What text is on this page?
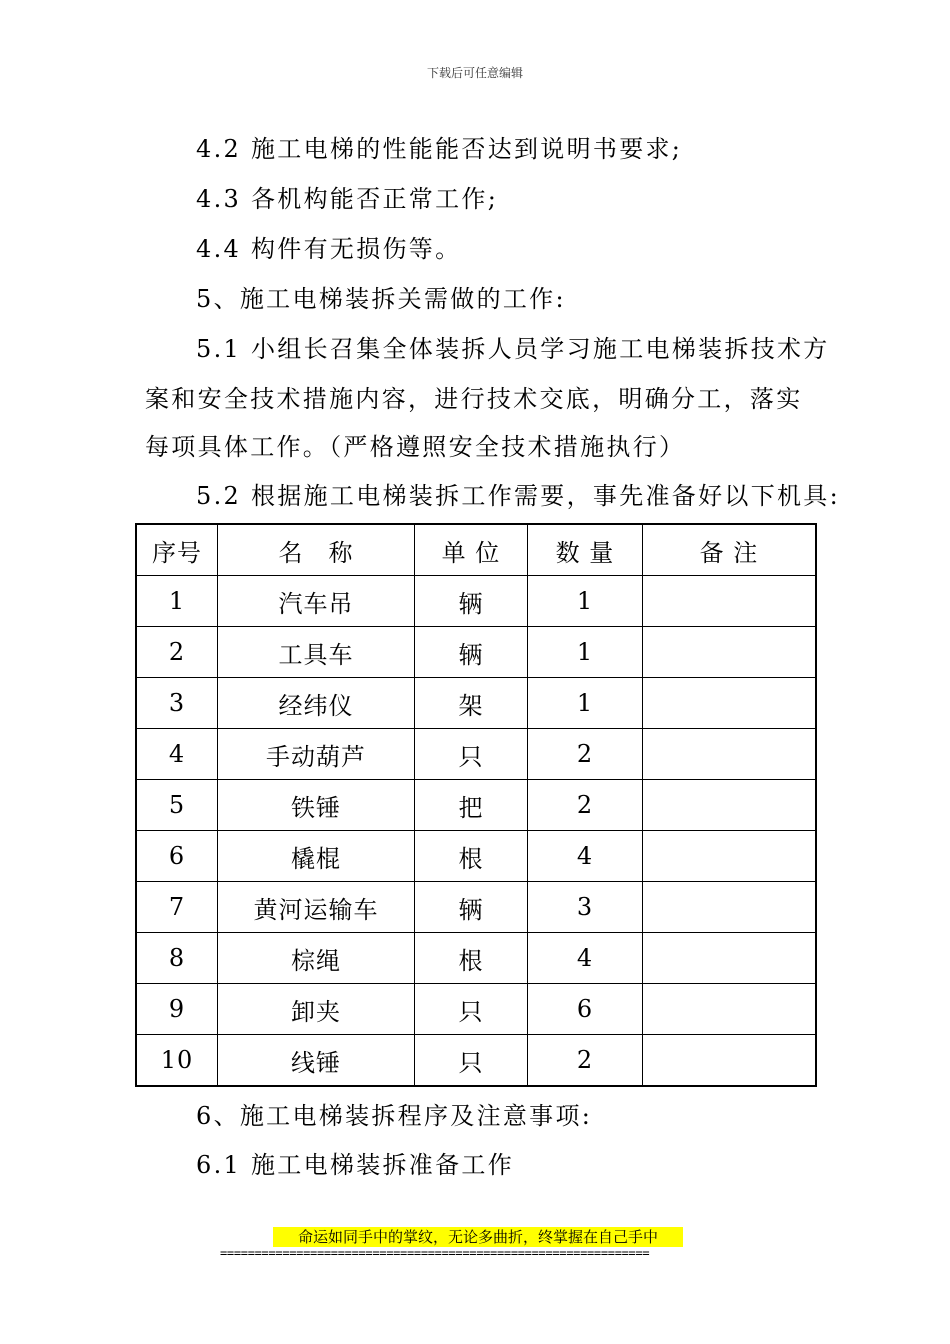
下载后可任意编辑
4.2 施工电梯的性能能否达到说明书要求;
4.3 各机构能否正常工作;
4.4 构件有无损伤等。
5、施工电梯装拆关需做的工作:
5.1 小组长召集全体装拆人员学习施工电梯装拆技术方
案和安全技术措施内容，进行技术交底，明确分工，落实
每项具体工作。（严格遵照安全技术措施执行）
5.2 根据施工电梯装拆工作需要，事先准备好以下机具:
序号	名　称	单 位	数 量	备 注
1	汽车吊	辆	1	
2	工具车	辆	1	
3	经纬仪	架	1	
4	手动葫芦	只	2	
5	铁锤	把	2	
6	橇棍	根	4	
7	黄河运输车	辆	3	
8	棕绳	根	4	
9	卸夹	只	6	
10	线锤	只	2	
6、施工电梯装拆程序及注意事项:
6.1 施工电梯装拆准备工作
命运如同手中的掌纹，无论多曲折，终掌握在自己手中
==============================================================
